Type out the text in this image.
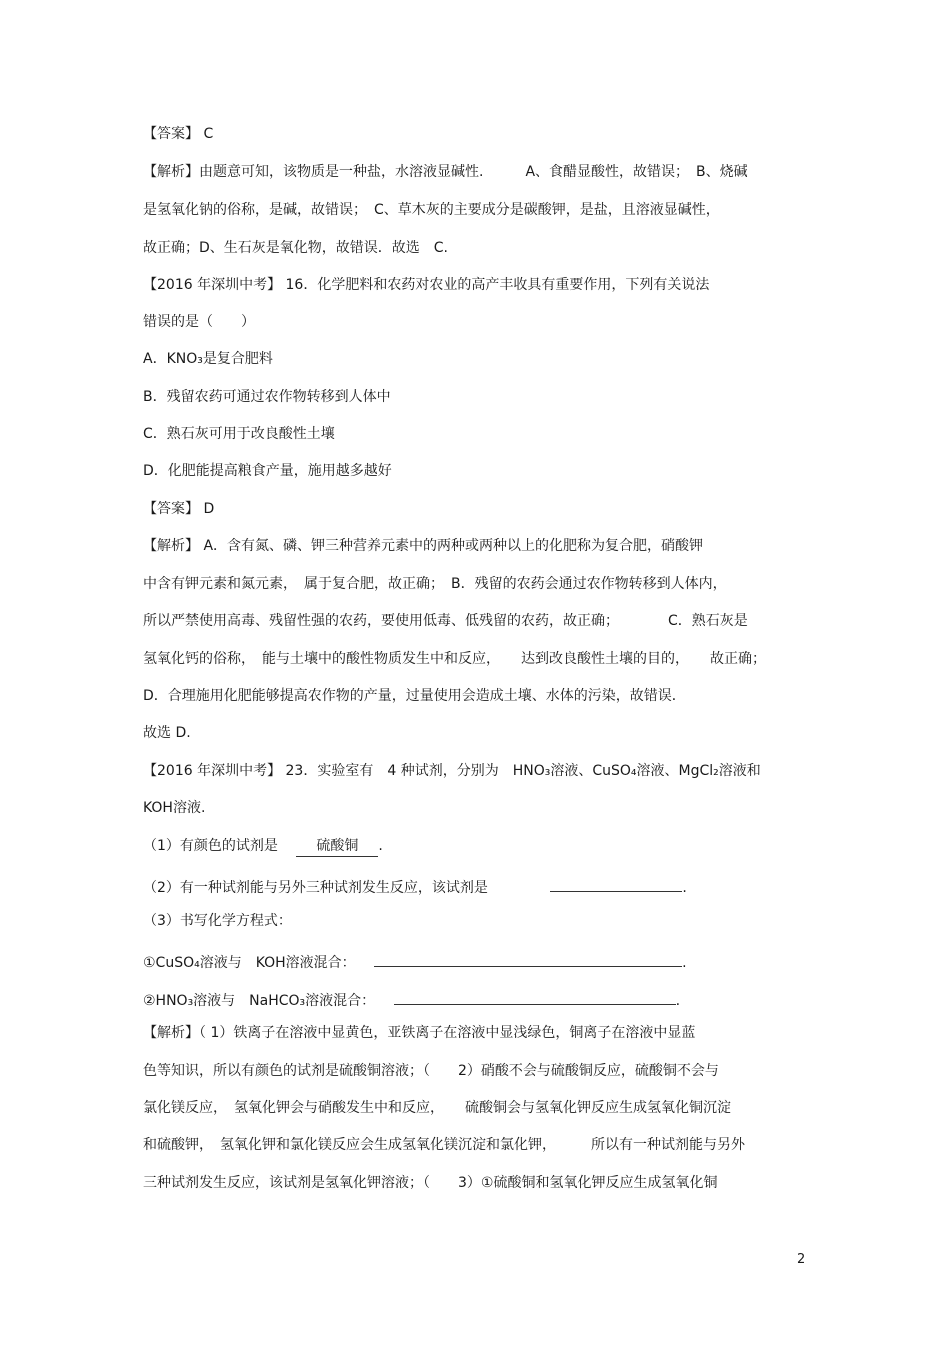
【答案】 C
【解析】由题意可知，该物质是一种盐，水溶液显碱性.　　　A、食醋显酸性，故错误；　B、烧碱
是氢氧化钠的俗称，是碱，故错误；　C、草木灰的主要成分是碳酸钾，是盐，且溶液显碱性，
故正确；D、生石灰是氧化物，故错误．故选　C.
【2016 年深圳中考】 16．化学肥料和农药对农业的高产丰收具有重要作用，下列有关说法
错误的是（　　）
A．KNO₃是复合肥料
B．残留农药可通过农作物转移到人体中
C．熟石灰可用于改良酸性土壤
D．化肥能提高粮食产量，施用越多越好
【答案】 D
【解析】 A．含有氮、磷、钾三种营养元素中的两种或两种以上的化肥称为复合肥，硝酸钾
中含有钾元素和氮元素，　属于复合肥，故正确；　B．残留的农药会通过农作物转移到人体内，
所以严禁使用高毒、残留性强的农药，要使用低毒、低残留的农药，故正确；　　　　C．熟石灰是
氢氧化钙的俗称，　能与土壤中的酸性物质发生中和反应，　　达到改良酸性土壤的目的，　　故正确；
D．合理施用化肥能够提高农作物的产量，过量使用会造成土壤、水体的污染，故错误．
故选 D.
【2016 年深圳中考】 23．实验室有　4 种试剂，分别为　HNO₃溶液、CuSO₄溶液、MgCl₂溶液和
KOH溶液.
（1）有颜色的试剂是	硫酸铜 .
（2）有一种试剂能与另外三种试剂发生反应，该试剂是	.
（3）书写化学方程式：
①CuSO₄溶液与　KOH溶液混合：	.
②HNO₃溶液与　NaHCO₃溶液混合：	.
【解析】（ 1）铁离子在溶液中显黄色，亚铁离子在溶液中显浅绿色，铜离子在溶液中显蓝
色等知识，所以有颜色的试剂是硫酸铜溶液；（　　2）硝酸不会与硫酸铜反应，硫酸铜不会与
氯化镁反应，　氢氧化钾会与硝酸发生中和反应，　　硫酸铜会与氢氧化钾反应生成氢氧化铜沉淀
和硫酸钾，　氢氧化钾和氯化镁反应会生成氢氧化镁沉淀和氯化钾，　　　所以有一种试剂能与另外
三种试剂发生反应，该试剂是氢氧化钾溶液；（　　3）①硫酸铜和氢氧化钾反应生成氢氧化铜
2
